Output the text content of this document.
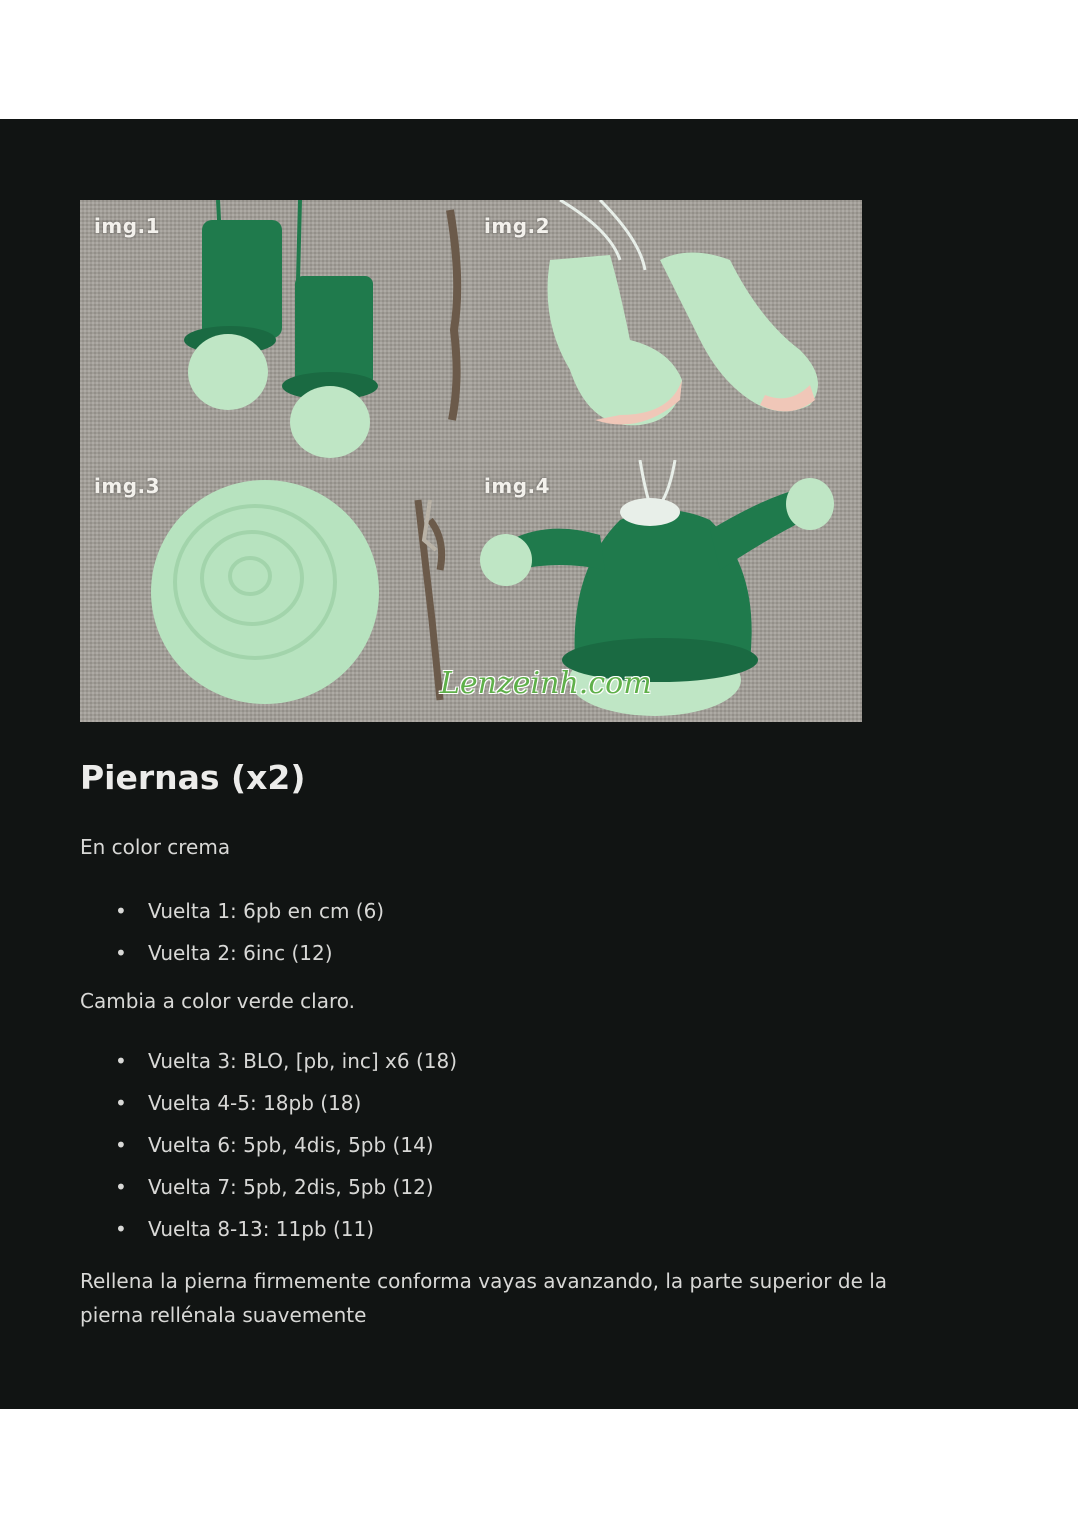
img.1	img.2
img.3	img.4
Lenzeinh.com
Piernas (x2)

En color crema

• Vuelta 1: 6pb en cm (6)
• Vuelta 2: 6inc (12)

Cambia a color verde claro.

• Vuelta 3: BLO, [pb, inc] x6 (18)
• Vuelta 4-5: 18pb (18)
• Vuelta 6: 5pb, 4dis, 5pb (14)
• Vuelta 7: 5pb, 2dis, 5pb (12)
• Vuelta 8-13: 11pb (11)

Rellena la pierna firmemente conforma vayas avanzando, la parte superior de la pierna rellénala suavemente
